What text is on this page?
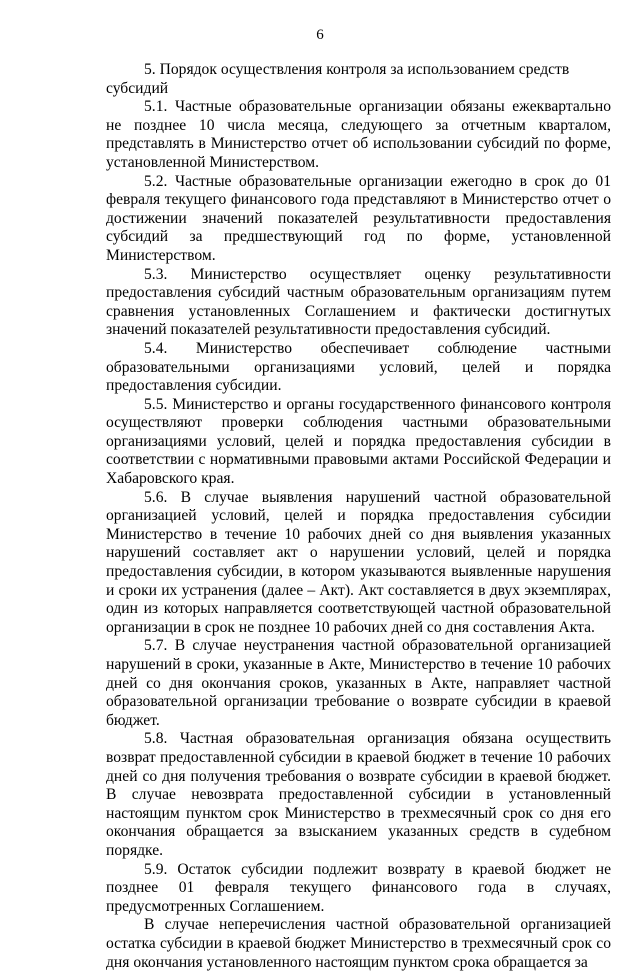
6

5. Порядок осуществления контроля за использованием средств субсидий

5.1. Частные образовательные организации обязаны ежеквартально не позднее 10 числа месяца, следующего за отчетным кварталом, представлять в Министерство отчет об использовании субсидий по форме, установленной Министерством.

5.2. Частные образовательные организации ежегодно в срок до 01 февраля текущего финансового года представляют в Министерство отчет о достижении значений показателей результативности предоставления субсидий за предшествующий год по форме, установленной Министерством.

5.3. Министерство осуществляет оценку результативности предоставления субсидий частным образовательным организациям путем сравнения установленных Соглашением и фактически достигнутых значений показателей результативности предоставления субсидий.

5.4. Министерство обеспечивает соблюдение частными образовательными организациями условий, целей и порядка предоставления субсидии.

5.5. Министерство и органы государственного финансового контроля осуществляют проверки соблюдения частными образовательными организациями условий, целей и порядка предоставления субсидии в соответствии с нормативными правовыми актами Российской Федерации и Хабаровского края.

5.6. В случае выявления нарушений частной образовательной организацией условий, целей и порядка предоставления субсидии Министерство в течение 10 рабочих дней со дня выявления указанных нарушений составляет акт о нарушении условий, целей и порядка предоставления субсидии, в котором указываются выявленные нарушения и сроки их устранения (далее – Акт). Акт составляется в двух экземплярах, один из которых направляется соответствующей частной образовательной организации в срок не позднее 10 рабочих дней со дня составления Акта.

5.7. В случае неустранения частной образовательной организацией нарушений в сроки, указанные в Акте, Министерство в течение 10 рабочих дней со дня окончания сроков, указанных в Акте, направляет частной образовательной организации требование о возврате субсидии в краевой бюджет.

5.8. Частная образовательная организация обязана осуществить возврат предоставленной субсидии в краевой бюджет в течение 10 рабочих дней со дня получения требования о возврате субсидии в краевой бюджет. В случае невозврата предоставленной субсидии в установленный настоящим пунктом срок Министерство в трехмесячный срок со дня его окончания обращается за взысканием указанных средств в судебном порядке.

5.9. Остаток субсидии подлежит возврату в краевой бюджет не позднее 01 февраля текущего финансового года в случаях, предусмотренных Соглашением.

В случае неперечисления частной образовательной организацией остатка субсидии в краевой бюджет Министерство в трехмесячный срок со дня окончания установленного настоящим пунктом срока обращается за
